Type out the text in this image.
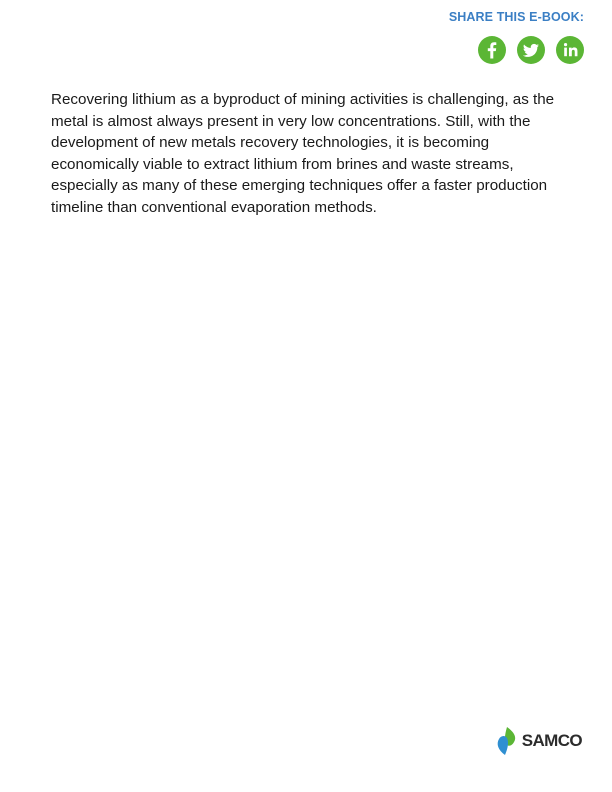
SHARE THIS E-BOOK:

Recovering lithium as a byproduct of mining activities is challenging, as the metal is almost always present in very low concentrations. Still, with the development of new metals recovery technologies, it is becoming economically viable to extract lithium from brines and waste streams, especially as many of these emerging techniques offer a faster production timeline than conventional evaporation methods.

SAMCO
